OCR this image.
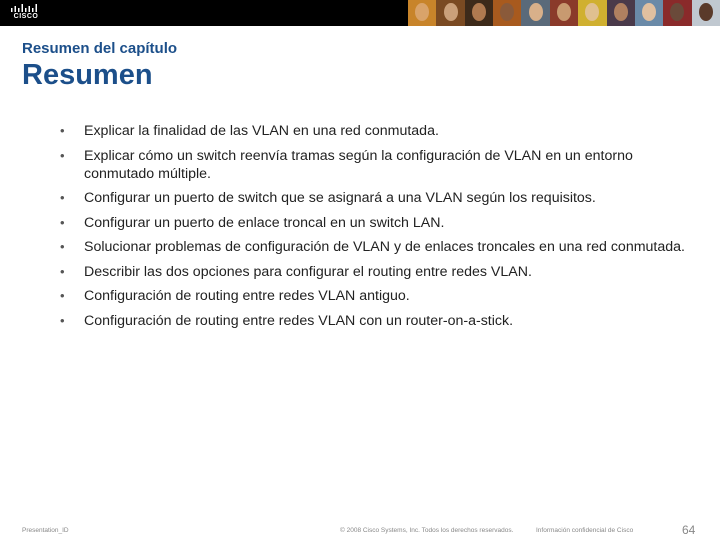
CISCO
Resumen del capítulo
Resumen
• Explicar la finalidad de las VLAN en una red conmutada.
• Explicar cómo un switch reenvía tramas según la configuración de VLAN en un entorno conmutado múltiple.
• Configurar un puerto de switch que se asignará a una VLAN según los requisitos.
• Configurar un puerto de enlace troncal en un switch LAN.
• Solucionar problemas de configuración de VLAN y de enlaces troncales en una red conmutada.
• Describir las dos opciones para configurar el routing entre redes VLAN.
• Configuración de routing entre redes VLAN antiguo.
• Configuración de routing entre redes VLAN con un router-on-a-stick.
Presentation_ID	© 2008 Cisco Systems, Inc. Todos los derechos reservados.	Información confidencial de Cisco	64
